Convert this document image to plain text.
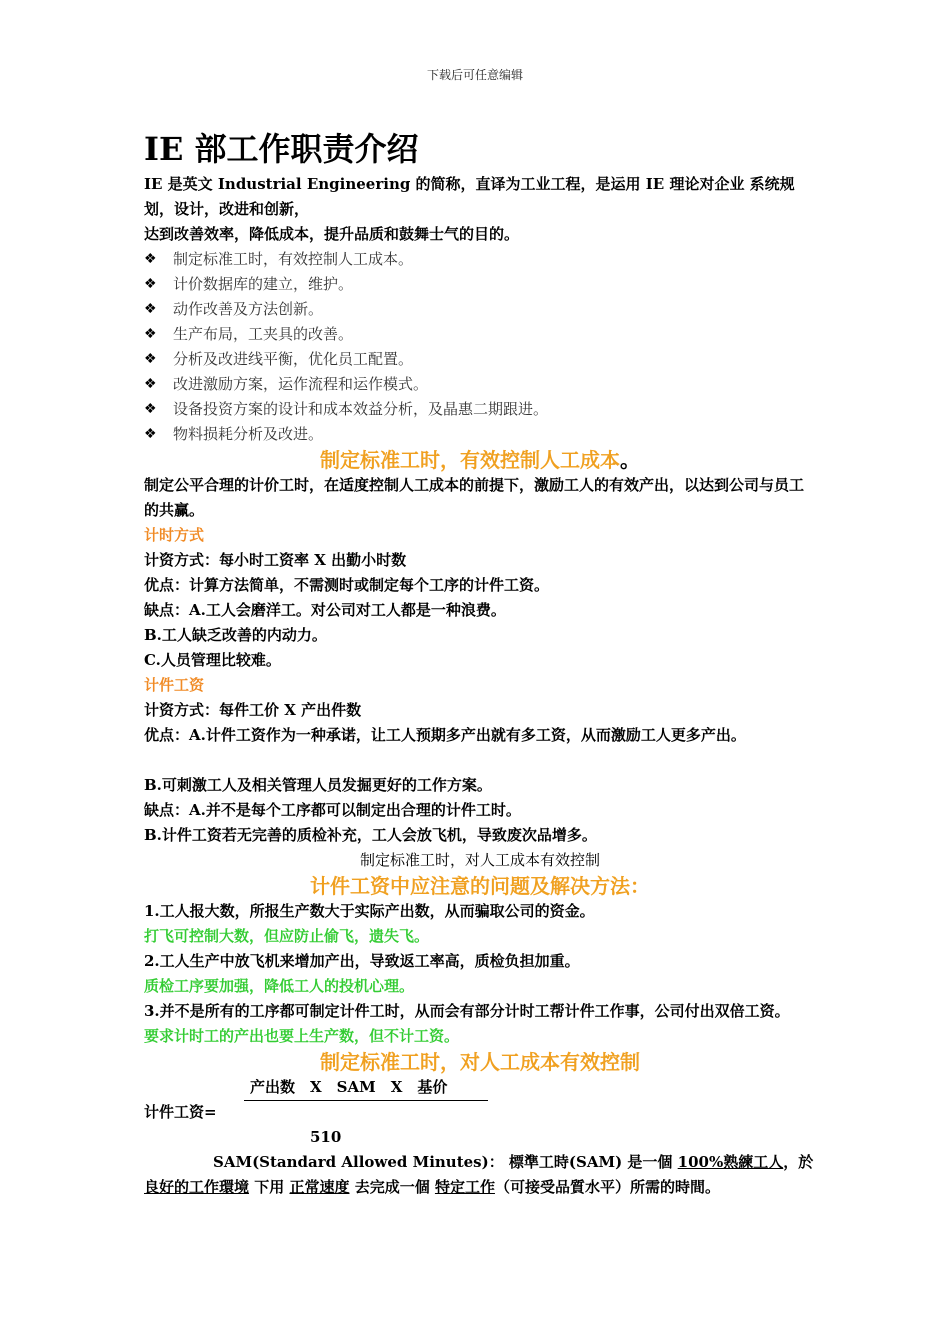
下载后可任意编辑
IE 部工作职责介绍

IE 是英文 Industrial Engineering 的简称，直译为工业工程，是运用 IE 理论对企业 系统规划，设计，改进和创新，

达到改善效率，降低成本，提升品质和鼓舞士气的目的。

❖ 制定标准工时，有效控制人工成本。
❖ 计价数据库的建立，维护。
❖ 动作改善及方法创新。
❖ 生产布局，工夹具的改善。
❖ 分析及改进线平衡，优化员工配置。
❖ 改进激励方案，运作流程和运作模式。
❖ 设备投资方案的设计和成本效益分析，及晶惠二期跟进。
❖ 物料损耗分析及改进。

制定标准工时，有效控制人工成本。

制定公平合理的计价工时，在适度控制人工成本的前提下，激励工人的有效产出，以达到公司与员工的共赢。

计时方式

计资方式：每小时工资率 X 出勤小时数

优点：计算方法简单，不需测时或制定每个工序的计件工资。

缺点：A.工人会磨洋工。对公司对工人都是一种浪费。

B.工人缺乏改善的内动力。

C.人员管理比较难。

计件工资

计资方式：每件工价 X 产出件数

优点：A.计件工资作为一种承诺，让工人预期多产出就有多工资，从而激励工人更多产出。

B.可刺激工人及相关管理人员发掘更好的工作方案。

缺点：A.并不是每个工序都可以制定出合理的计件工时。

B.计件工资若无完善的质检补充，工人会放飞机，导致废次品增多。

制定标准工时，对人工成本有效控制

计件工资中应注意的问题及解决方法：

1.工人报大数，所报生产数大于实际产出数，从而骗取公司的资金。

打飞可控制大数，但应防止偷飞，遗失飞。

2.工人生产中放飞机来增加产出，导致返工率高，质检负担加重。

质检工序要加强，降低工人的投机心理。

3.并不是所有的工序都可制定计件工时，从而会有部分计时工帮计件工作事，公司付出双倍工资。

要求计时工的产出也要上生产数，但不计工资。

制定标准工时，对人工成本有效控制

产出数　X　SAM　X　基价
计件工资=
510

SAM(Standard Allowed Minutes)： 標準工時(SAM) 是一個 100%熟練工人，於 良好的工作環境 下用 正常速度 去完成一個 特定工作（可接受品質水平）所需的時間。
